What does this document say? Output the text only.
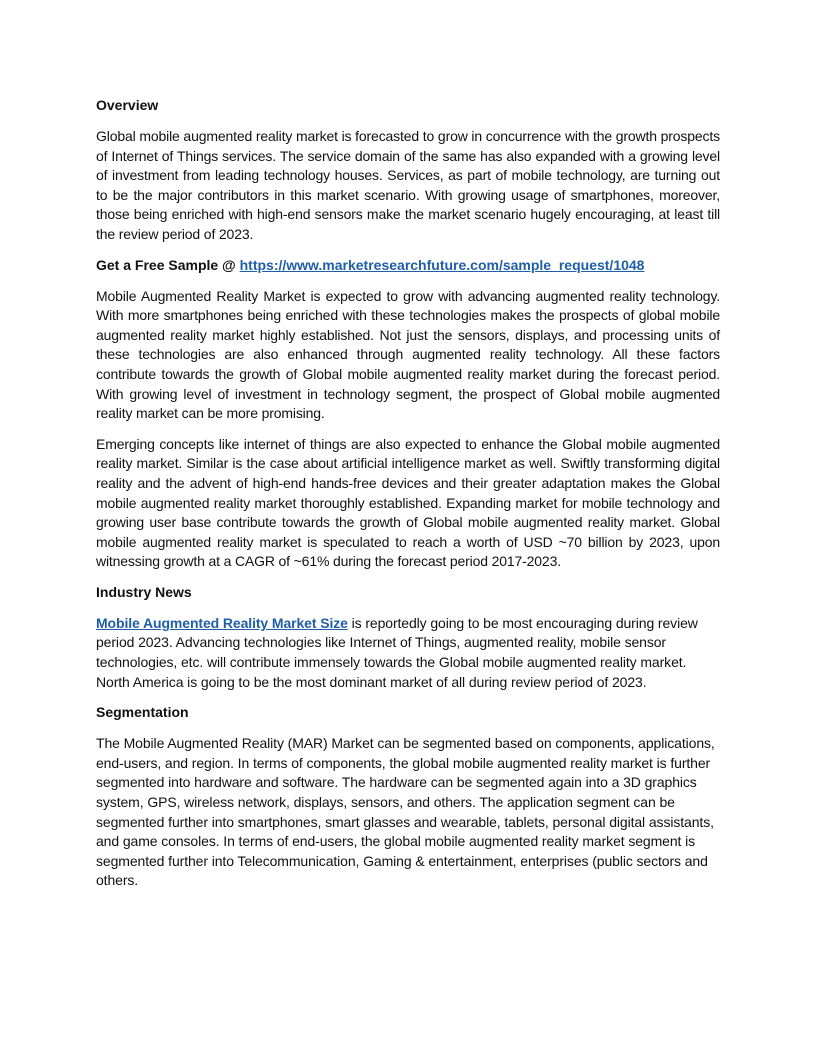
Overview

Global mobile augmented reality market is forecasted to grow in concurrence with the growth prospects of Internet of Things services. The service domain of the same has also expanded with a growing level of investment from leading technology houses. Services, as part of mobile technology, are turning out to be the major contributors in this market scenario. With growing usage of smartphones, moreover, those being enriched with high-end sensors make the market scenario hugely encouraging, at least till the review period of 2023.

Get a Free Sample @ https://www.marketresearchfuture.com/sample_request/1048

Mobile Augmented Reality Market is expected to grow with advancing augmented reality technology. With more smartphones being enriched with these technologies makes the prospects of global mobile augmented reality market highly established. Not just the sensors, displays, and processing units of these technologies are also enhanced through augmented reality technology. All these factors contribute towards the growth of Global mobile augmented reality market during the forecast period. With growing level of investment in technology segment, the prospect of Global mobile augmented reality market can be more promising.

Emerging concepts like internet of things are also expected to enhance the Global mobile augmented reality market. Similar is the case about artificial intelligence market as well. Swiftly transforming digital reality and the advent of high-end hands-free devices and their greater adaptation makes the Global mobile augmented reality market thoroughly established. Expanding market for mobile technology and growing user base contribute towards the growth of Global mobile augmented reality market. Global mobile augmented reality market is speculated to reach a worth of USD ~70 billion by 2023, upon witnessing growth at a CAGR of ~61% during the forecast period 2017-2023.

Industry News

Mobile Augmented Reality Market Size is reportedly going to be most encouraging during review period 2023. Advancing technologies like Internet of Things, augmented reality, mobile sensor technologies, etc. will contribute immensely towards the Global mobile augmented reality market. North America is going to be the most dominant market of all during review period of 2023.

Segmentation

The Mobile Augmented Reality (MAR) Market can be segmented based on components, applications, end-users, and region. In terms of components, the global mobile augmented reality market is further segmented into hardware and software. The hardware can be segmented again into a 3D graphics system, GPS, wireless network, displays, sensors, and others. The application segment can be segmented further into smartphones, smart glasses and wearable, tablets, personal digital assistants, and game consoles. In terms of end-users, the global mobile augmented reality market segment is segmented further into Telecommunication, Gaming & entertainment, enterprises (public sectors and others.
